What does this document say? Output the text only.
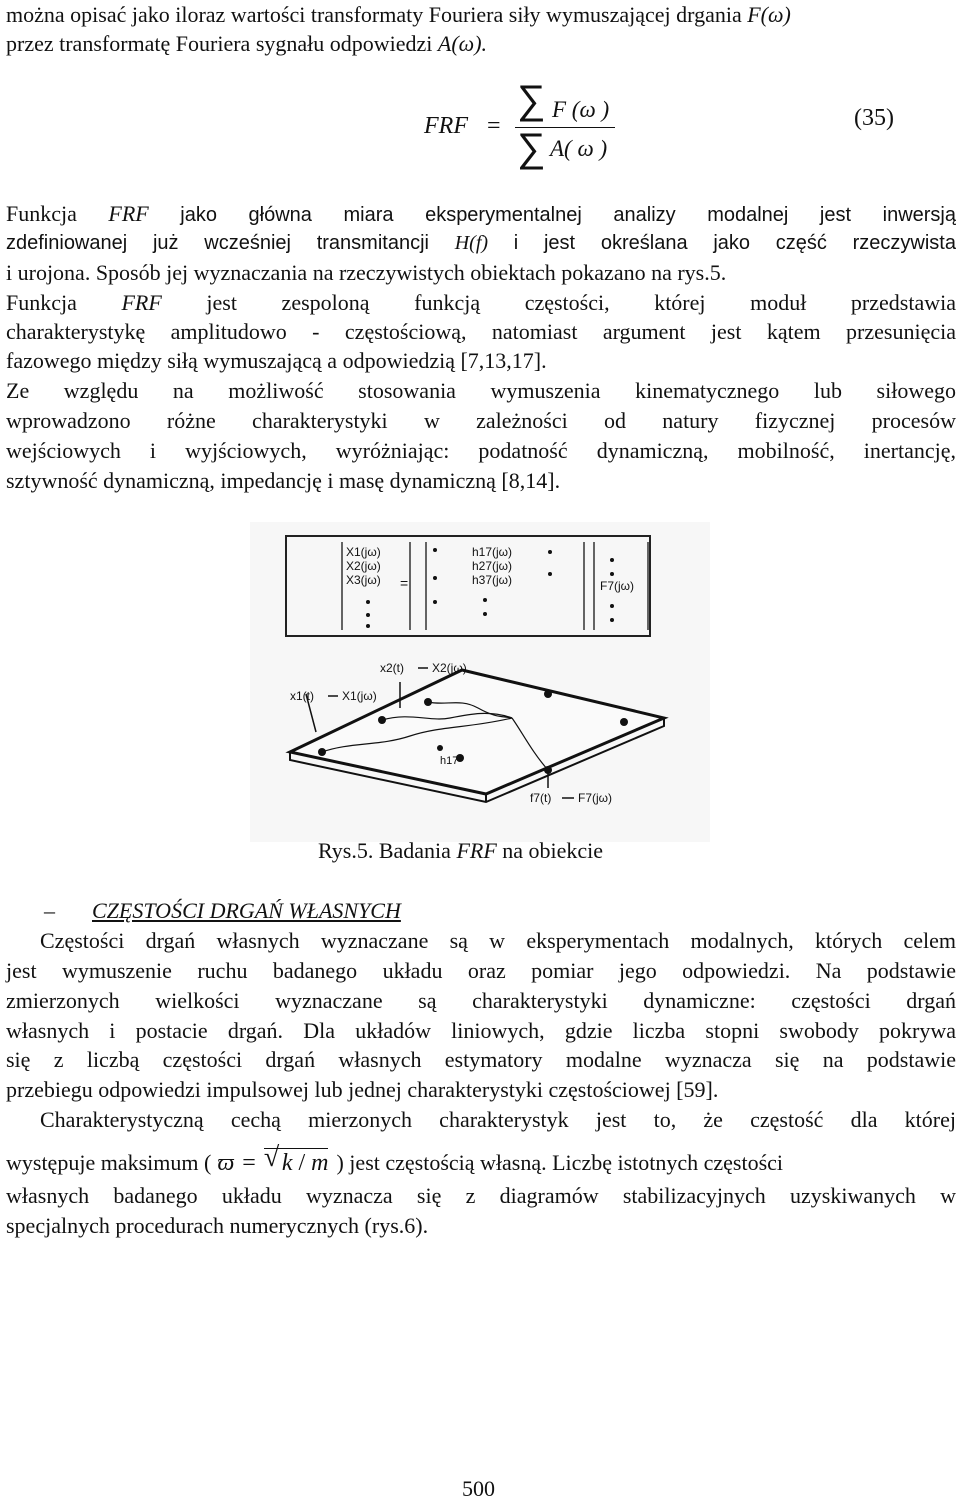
można opisać jako iloraz wartości transformaty Fouriera siły wymuszającej drgania F(ω)
przez transformatę Fouriera sygnału odpowiedzi A(ω).
FRF =
∑ F (ω )
∑ A( ω )
(35)
Funkcja FRF jako główna miara eksperymentalnej analizy modalnej jest inwersją
zdefiniowanej już wcześniej transmitancji H(f) i jest określana jako część rzeczywista
i urojona. Sposób jej wyznaczania na rzeczywistych obiektach pokazano na rys.5.
Funkcja FRF jest zespoloną funkcją częstości, której moduł przedstawia
charakterystykę amplitudowo - częstościową, natomiast argument jest kątem przesunięcia
fazowego między siłą wymuszającą a odpowiedzią [7,13,17].
Ze względu na możliwość stosowania wymuszenia kinematycznego lub siłowego
wprowadzono różne charakterystyki w zależności od natury fizycznej procesów
wejściowych i wyjściowych, wyróżniając: podatność dynamiczną, mobilność, inertancję,
sztywność dynamiczną, impedancję i masę dynamiczną [8,14].
X1(jω)
X2(jω)
X3(jω) =
h17(jω)
h27(jω)
h37(jω)	F7(jω)
x2(t) X2(jω)
x1(t) X1(jω)
h17
f7(t) F7(jω)
Rys.5. Badania FRF na obiekcie
–	CZĘSTOŚCI DRGAŃ WŁASNYCH
Częstości drgań własnych wyznaczane są w eksperymentach modalnych, których celem
jest wymuszenie ruchu badanego układu oraz pomiar jego odpowiedzi. Na podstawie
zmierzonych wielkości wyznaczane są charakterystyki dynamiczne: częstości drgań
własnych i postacie drgań. Dla układów liniowych, gdzie liczba stopni swobody pokrywa
się z liczbą częstości drgań własnych estymatory modalne wyznacza się na podstawie
przebiegu odpowiedzi impulsowej lub jednej charakterystyki częstościowej [59].
Charakterystyczną cechą mierzonych charakterystyk jest to, że częstość dla której
występuje maksimum ( ϖ = √ k / m ) jest częstością własną. Liczbę istotnych częstości
własnych badanego układu wyznacza się z diagramów stabilizacyjnych uzyskiwanych w
specjalnych procedurach numerycznych (rys.6).
500
